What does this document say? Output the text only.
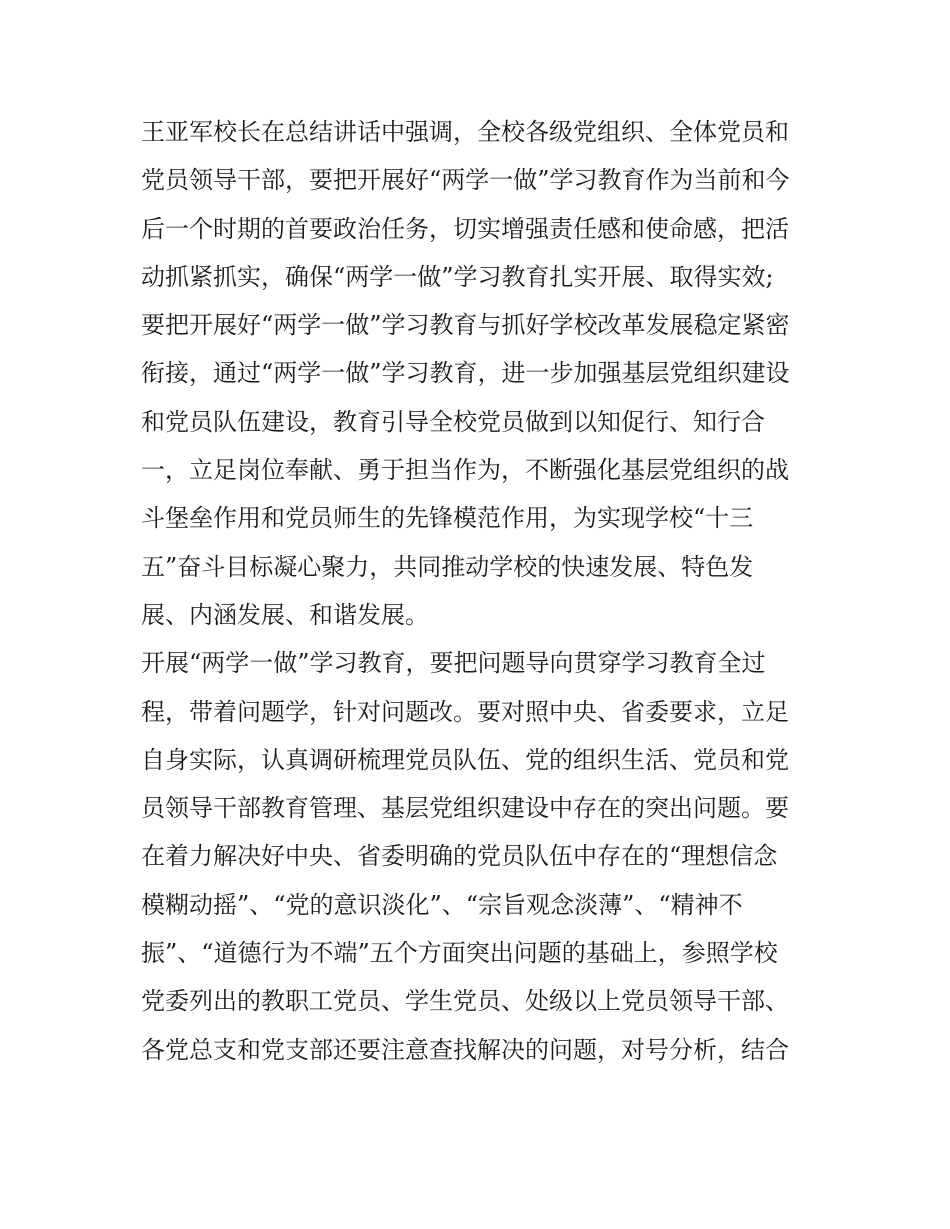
王亚军校长在总结讲话中强调，全校各级党组织、全体党员和
党员领导干部，要把开展好“两学一做”学习教育作为当前和今
后一个时期的首要政治任务，切实增强责任感和使命感，把活
动抓紧抓实，确保“两学一做”学习教育扎实开展、取得实效;
要把开展好“两学一做”学习教育与抓好学校改革发展稳定紧密
衔接，通过“两学一做”学习教育，进一步加强基层党组织建设
和党员队伍建设，教育引导全校党员做到以知促行、知行合
一，立足岗位奉献、勇于担当作为，不断强化基层党组织的战
斗堡垒作用和党员师生的先锋模范作用，为实现学校“十三
五”奋斗目标凝心聚力，共同推动学校的快速发展、特色发
展、内涵发展、和谐发展。
开展“两学一做”学习教育，要把问题导向贯穿学习教育全过
程，带着问题学，针对问题改。要对照中央、省委要求，立足
自身实际，认真调研梳理党员队伍、党的组织生活、党员和党
员领导干部教育管理、基层党组织建设中存在的突出问题。要
在着力解决好中央、省委明确的党员队伍中存在的“理想信念
模糊动摇”、“党的意识淡化”、“宗旨观念淡薄”、“精神不
振”、“道德行为不端”五个方面突出问题的基础上，参照学校
党委列出的教职工党员、学生党员、处级以上党员领导干部、
各党总支和党支部还要注意查找解决的问题，对号分析，结合
